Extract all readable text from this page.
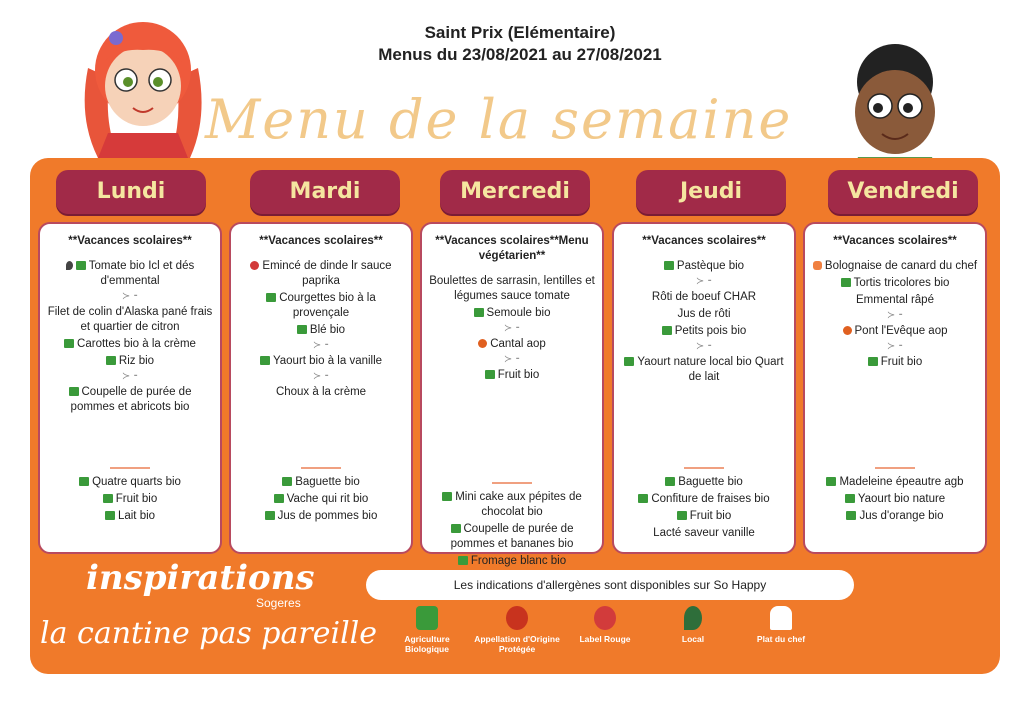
Saint Prix (Elémentaire)
Menus du 23/08/2021 au 27/08/2021
Menu de la semaine
Lundi	Mardi	Mercredi	Jeudi	Vendredi
**Vacances scolaires**
Tomate bio Icl et dés d'emmental
≻ ⁃
Filet de colin d'Alaska pané frais et quartier de citron
Carottes bio à la crème
Riz bio
≻ ⁃
Coupelle de purée de pommes et abricots bio
Quatre quarts bio
Fruit bio
Lait bio
**Vacances scolaires**
Emincé de dinde lr sauce paprika
Courgettes bio à la provençale
Blé bio
≻ ⁃
Yaourt bio à la vanille
≻ ⁃
Choux à la crème
Baguette bio
Vache qui rit bio
Jus de pommes bio
**Vacances scolaires**Menu végétarien**
Boulettes de sarrasin, lentilles et légumes sauce tomate
Semoule bio
≻ ⁃
Cantal aop
≻ ⁃
Fruit bio
Mini cake aux pépites de chocolat bio
Coupelle de purée de pommes et bananes bio
Fromage blanc bio
**Vacances scolaires**
Pastèque bio
≻ ⁃
Rôti de boeuf CHAR
Jus de rôti
Petits pois bio
≻ ⁃
Yaourt nature local bio Quart de lait
Baguette bio
Confiture de fraises bio
Fruit bio
Lacté saveur vanille
**Vacances scolaires**
Bolognaise de canard du chef
Tortis tricolores bio
Emmental râpé
≻ ⁃
Pont l'Evêque aop
≻ ⁃
Fruit bio
Madeleine épeautre agb
Yaourt bio nature
Jus d'orange bio
inspirations
Sogeres
la cantine pas pareille
Les indications d'allergènes sont disponibles sur So Happy
Agriculture Biologique
Appellation d'Origine Protégée
Label Rouge	Local	Plat du chef
